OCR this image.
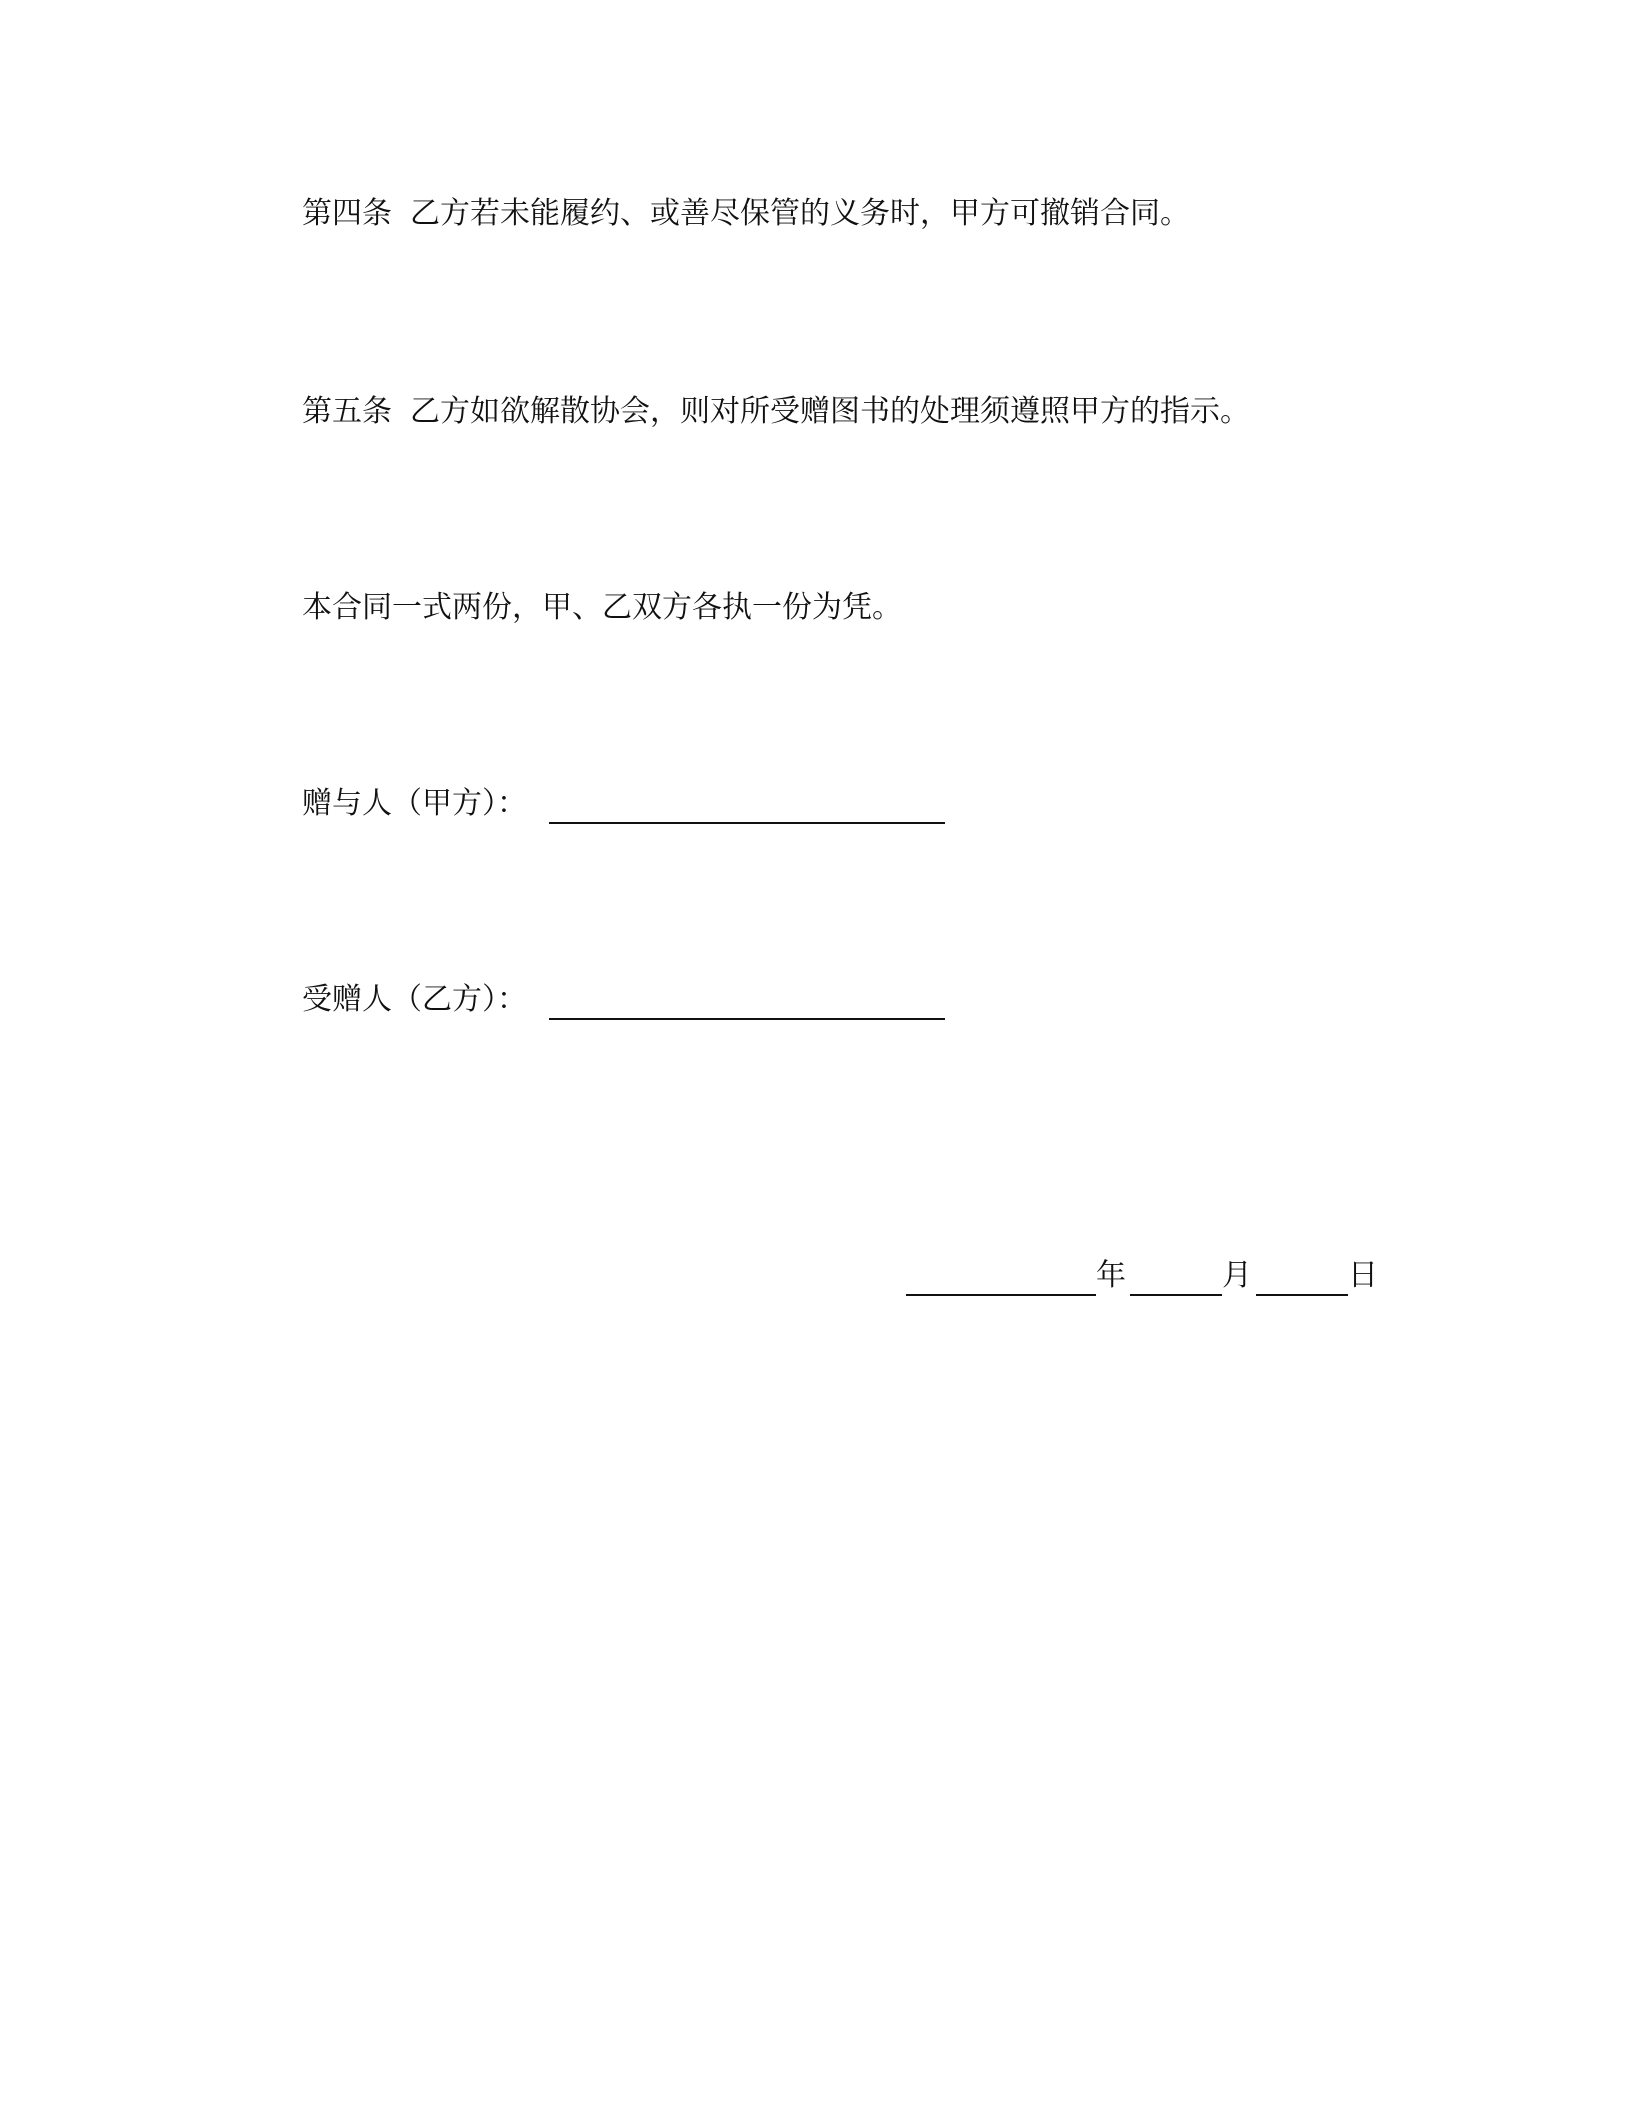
第四条 乙方若未能履约、或善尽保管的义务时，甲方可撤销合同。
第五条 乙方如欲解散协会，则对所受赠图书的处理须遵照甲方的指示。
本合同一式两份，甲、乙双方各执一份为凭。
赠与人（甲方）：
受赠人（乙方）：
年	月	日
